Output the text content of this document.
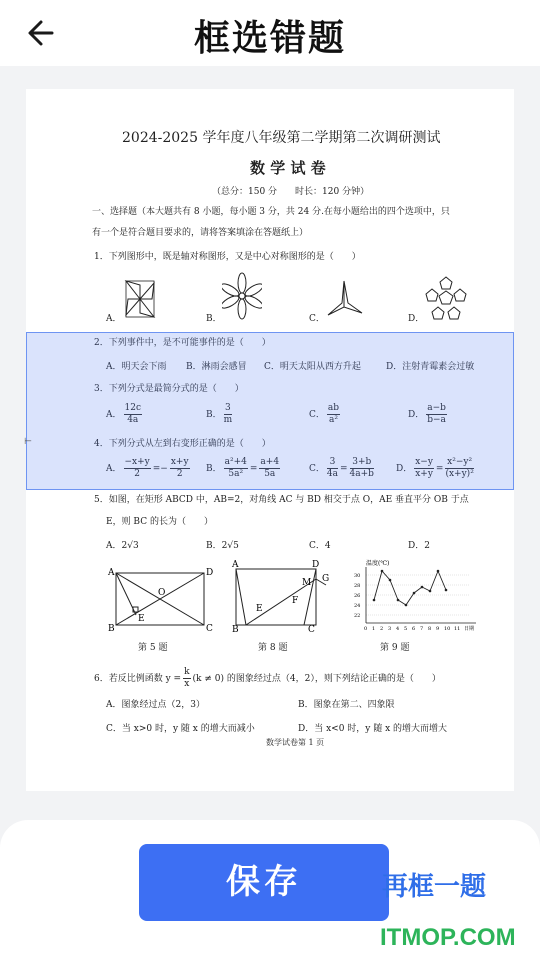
框选错题
2024-2025 学年度八年级第二学期第二次调研测试
数 学 试 卷
（总分：150 分　　时长：120 分钟）
一、选择题（本大题共有 8 小题，每小题 3 分，共 24 分.在每小题给出的四个选项中，只
有一个是符合题目要求的，请将答案填涂在答题纸上）
1．下列图形中，既是轴对称图形，又是中心对称图形的是（　　）
A．	B．	C．	D．
2．下列事件中，是不可能事件的是（　　）
A．明天会下雨 B．淋雨会感冒 C．明天太阳从西方升起	D．注射青霉素会过敏
3．下列分式是最简分式的是（　　）
A． $\frac{12c}{4a}$	B． $\frac{3}{m}$	C． $\frac{ab}{\text{a²}}$	D． $\frac{a-b}{b-a}$
4．下列分式从左到右变形正确的是（　　）
A． $\frac{-x+y}{2} =- \frac{x+y}{2}$ B． $\frac{\text{a²+4}}{\text{5a²}} = \frac{a+4}{5a}$	C． $\frac{3}{4a} = \frac{3+b}{4a+b}$ D． $\frac{x-y}{x+y} = \frac{\text{x²−y²}}{\text{(x+y)²}}$
5．如图，在矩形 ABCD 中，AB=2，对角线 AC 与 BD 相交于点 O，AE 垂直平分 OB 于点
E，则 BC 的长为（　　）
A．2√3	B．2√5	C．4	D．2
A	D
B	C
O
E
第 5 题
A	D
B	C
M G
E
F
第 8 题
温度(℃)
30
28
26
24
22
0 1 2 3 4 5 6 7 8 9 10 11 日期
第 9 题
6．若反比例函数 $y = \frac{k}{x} (k \ne 0)$ 的图象经过点（4，2），则下列结论正确的是（　　）
A．图象经过点（2，3）	B．图象在第二、四象限
C．当 x>0 时，y 随 x 的增大而减小	D．当 x<0 时，y 随 x 的增大而增大
数学试卷第 1 页
⊢
保存	再框一题
ITMOP.COM
